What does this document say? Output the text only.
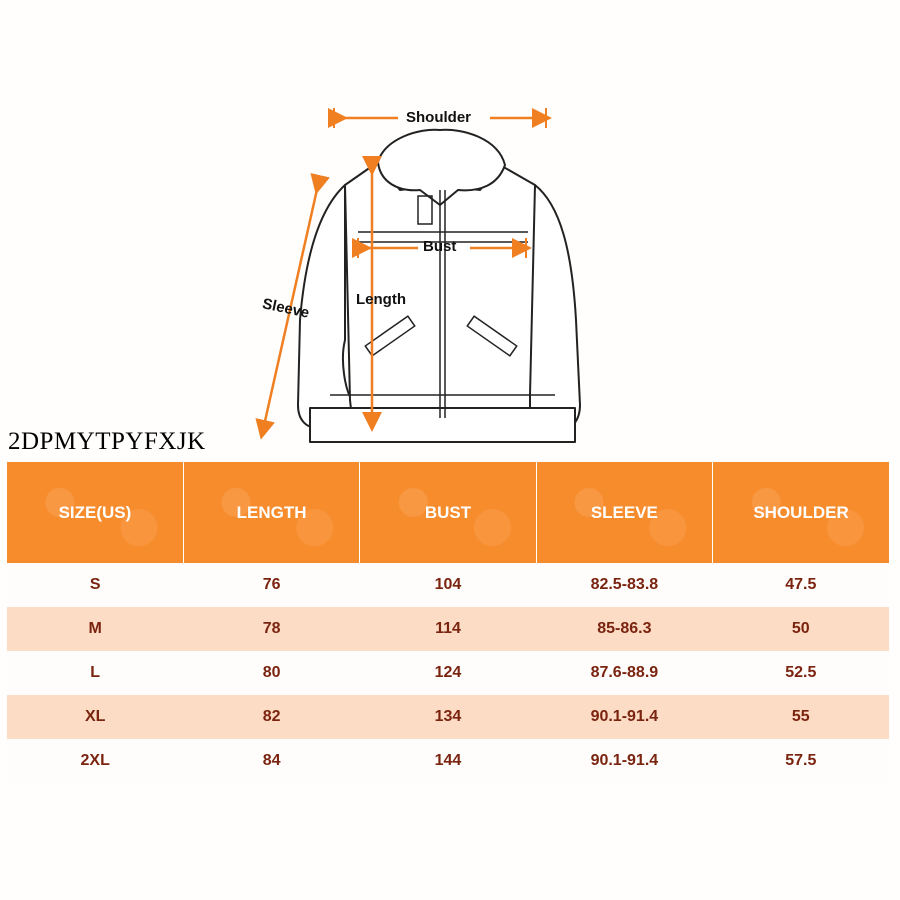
Shoulder
Bust
Length
Sleeve
2DPMYTPYFXJK
SIZE(US)	LENGTH	BUST	SLEEVE	SHOULDER
S	76	104	82.5-83.8	47.5
M	78	114	85-86.3	50
L	80	124	87.6-88.9	52.5
XL	82	134	90.1-91.4	55
2XL	84	144	90.1-91.4	57.5
